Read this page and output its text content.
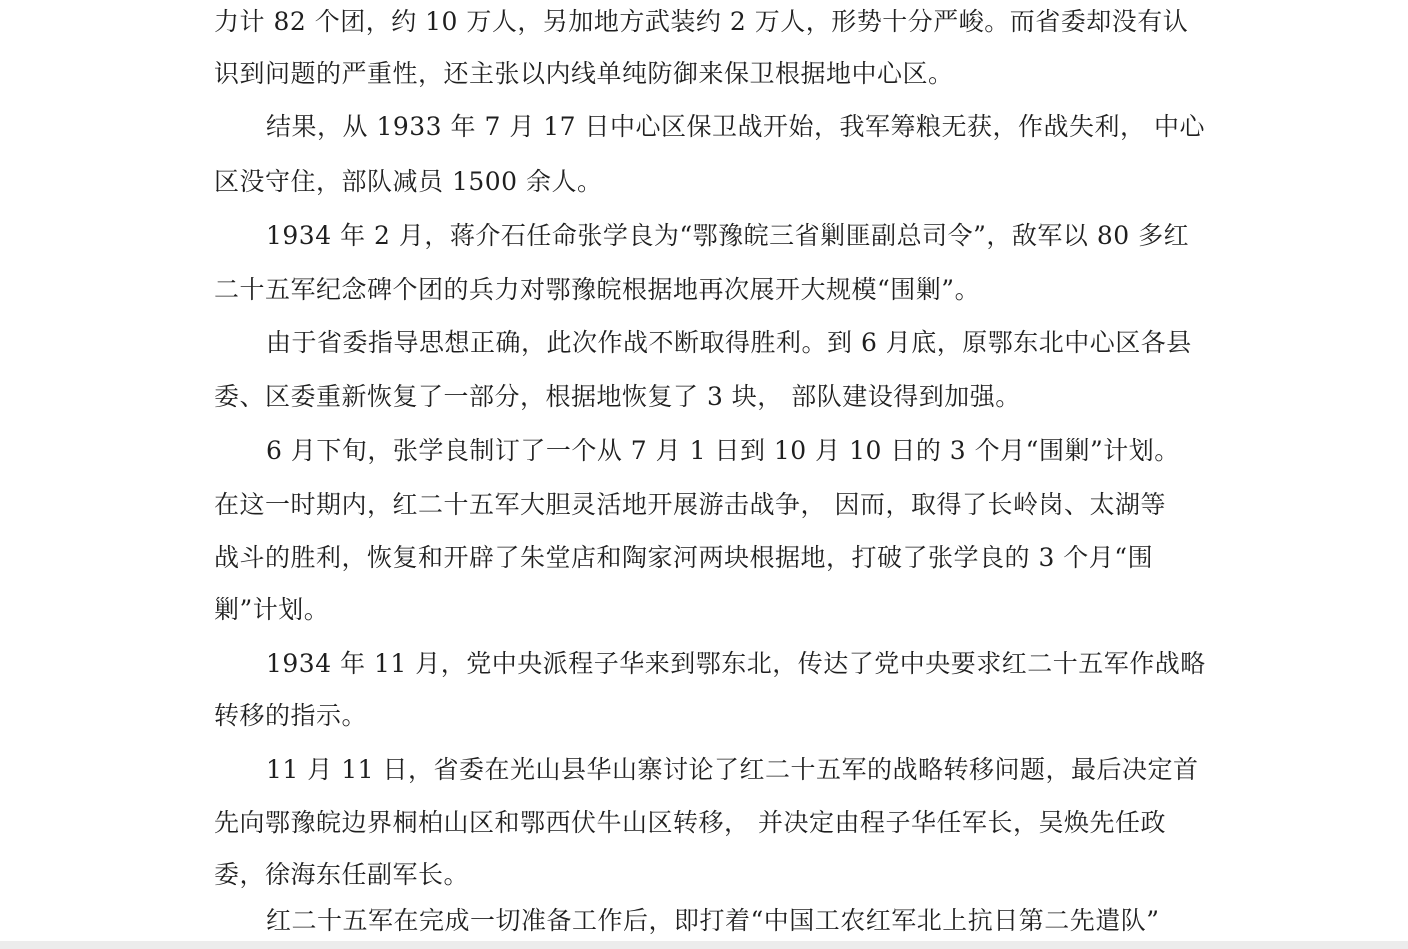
力计 82 个团，约 10 万人，另加地方武装约 2 万人，形势十分严峻。而省委却没有认
识到问题的严重性，还主张以内线单纯防御来保卫根据地中心区。
结果，从 1933 年 7 月 17 日中心区保卫战开始，我军筹粮无获，作战失利， 中心
区没守住，部队减员 1500 余人。
1934 年 2 月，蒋介石任命张学良为“鄂豫皖三省剿匪副总司令”，敌军以 80 多红
二十五军纪念碑个团的兵力对鄂豫皖根据地再次展开大规模“围剿”。
由于省委指导思想正确，此次作战不断取得胜利。到 6 月底，原鄂东北中心区各县
委、区委重新恢复了一部分，根据地恢复了 3 块， 部队建设得到加强。
6 月下旬，张学良制订了一个从 7 月 1 日到 10 月 10 日的 3 个月“围剿”计划。
在这一时期内，红二十五军大胆灵活地开展游击战争， 因而，取得了长岭岗、太湖等
战斗的胜利，恢复和开辟了朱堂店和陶家河两块根据地，打破了张学良的 3 个月“围
剿”计划。
1934 年 11 月，党中央派程子华来到鄂东北，传达了党中央要求红二十五军作战略
转移的指示。
11 月 11 日，省委在光山县华山寨讨论了红二十五军的战略转移问题，最后决定首
先向鄂豫皖边界桐柏山区和鄂西伏牛山区转移， 并决定由程子华任军长，吴焕先任政
委，徐海东任副军长。
红二十五军在完成一切准备工作后，即打着“中国工农红军北上抗日第二先遣队”
